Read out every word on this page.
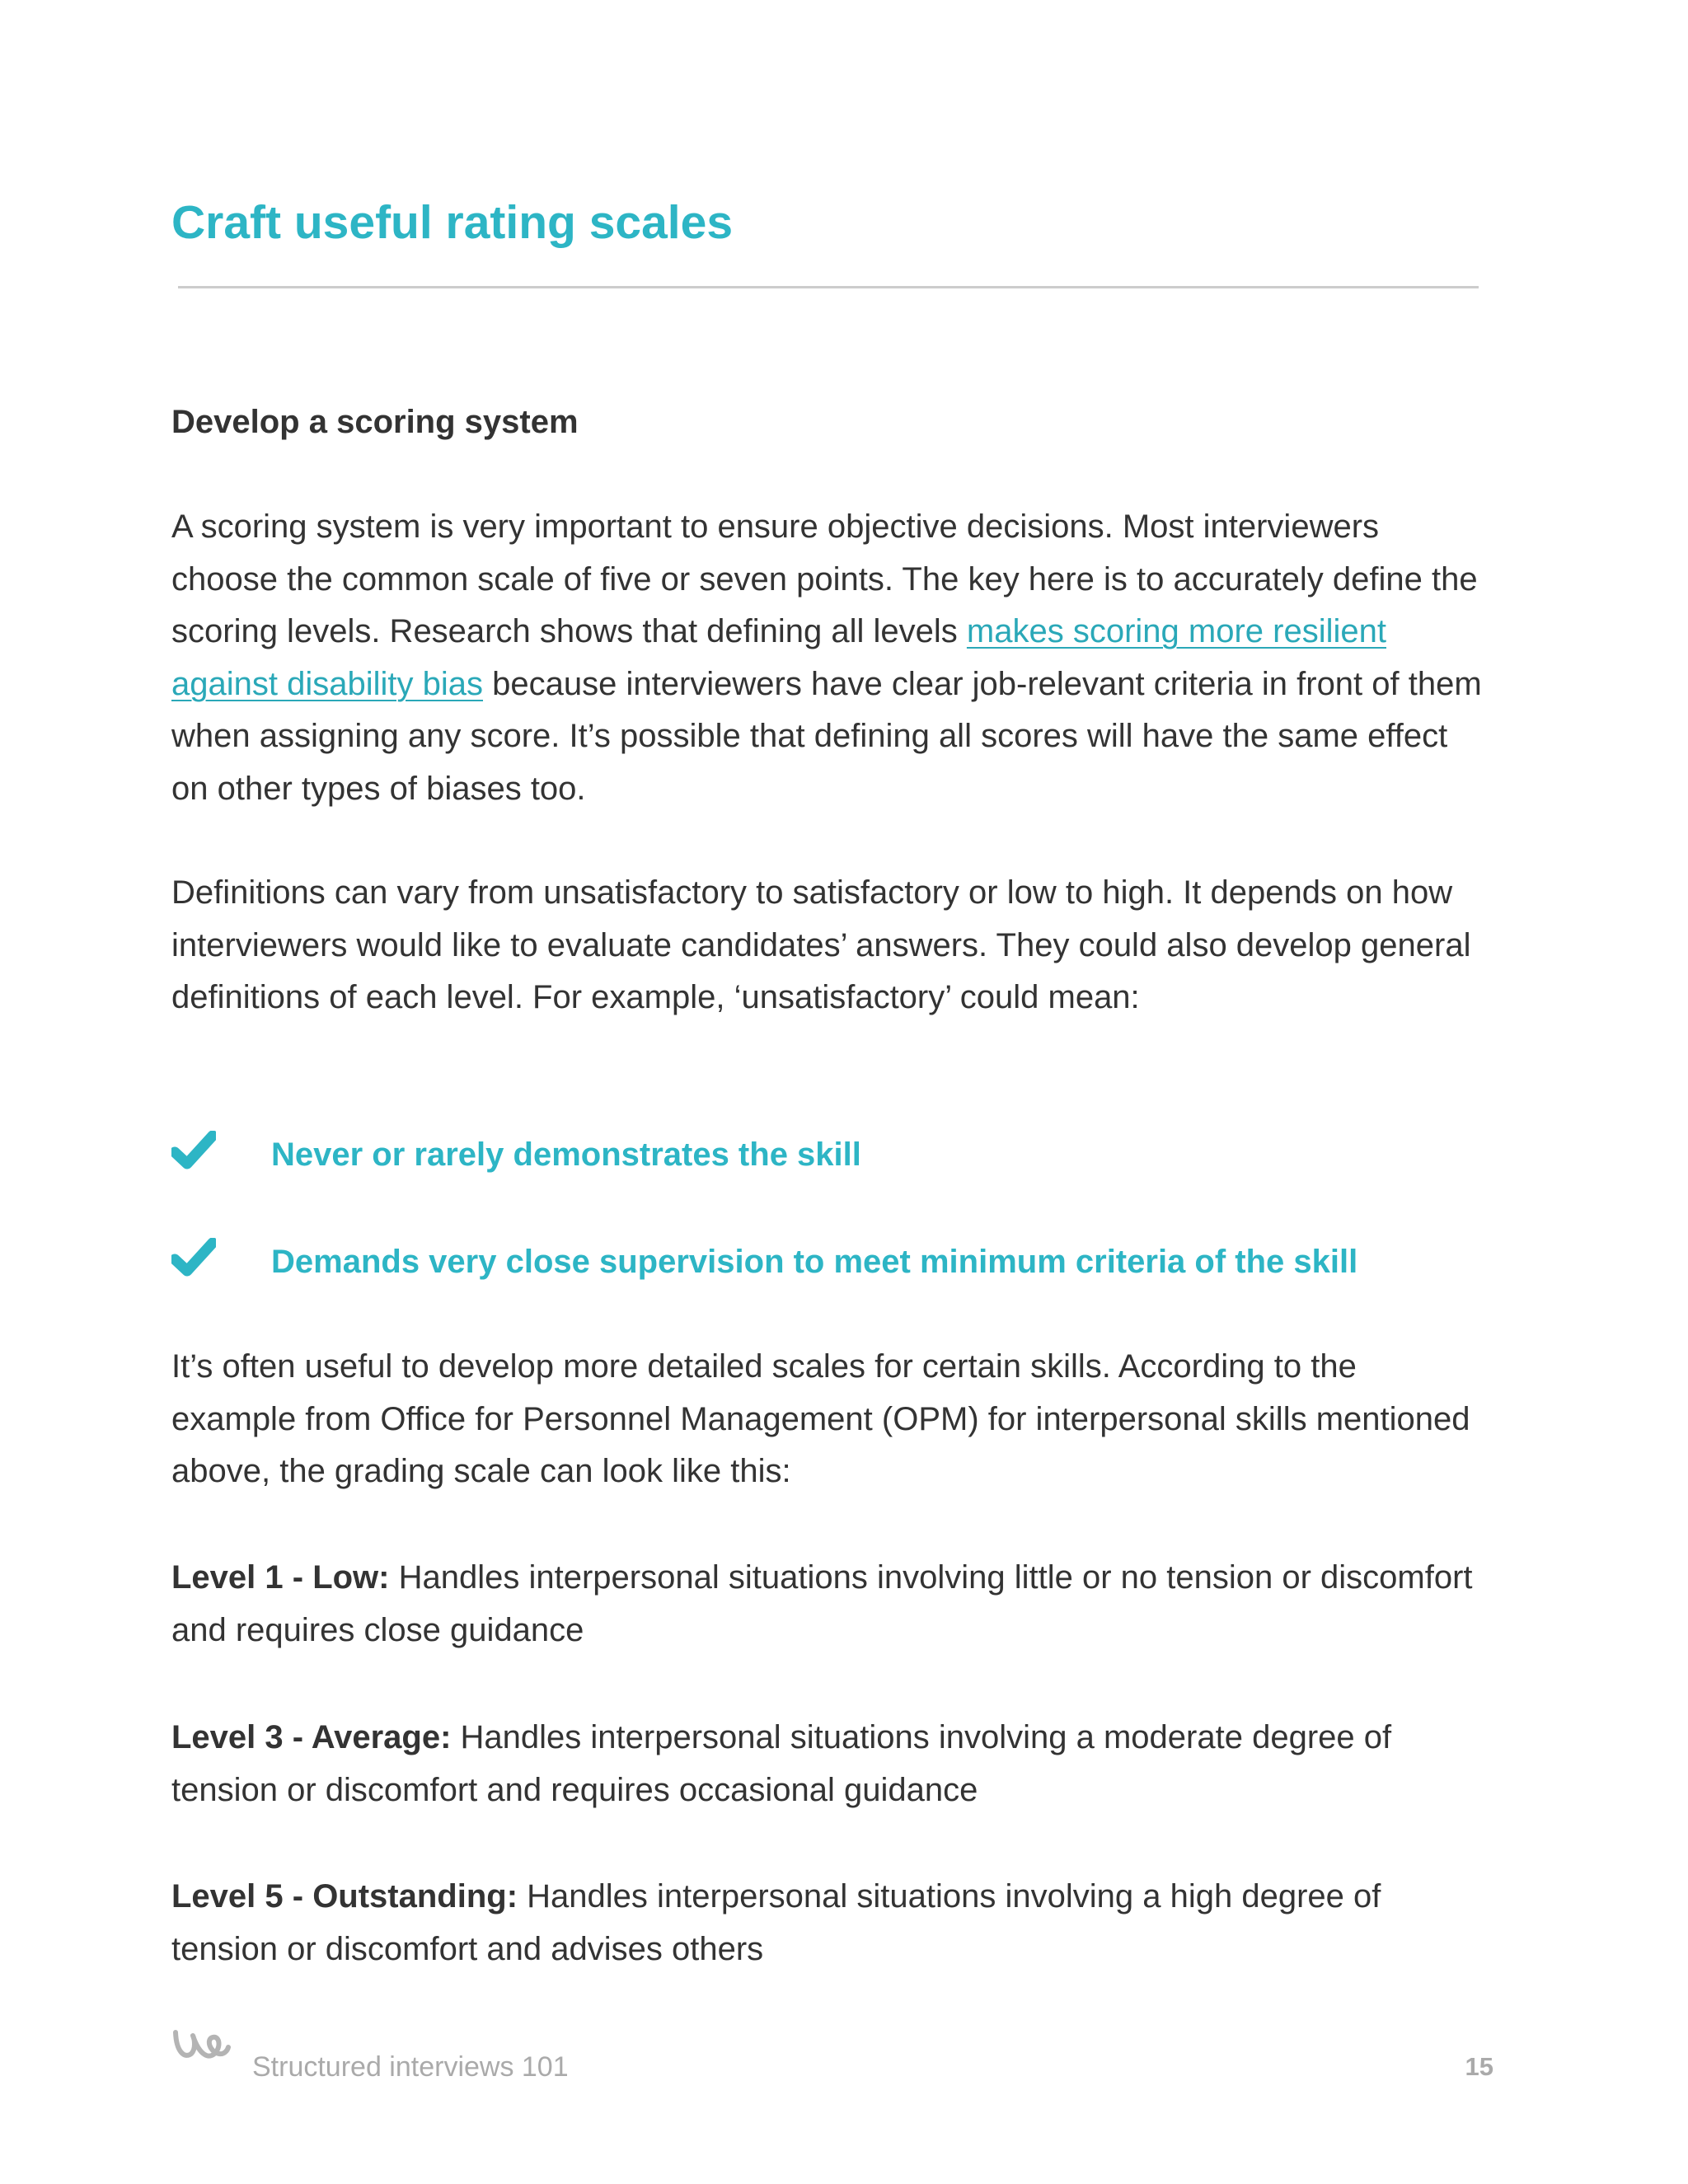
Craft useful rating scales
Develop a scoring system

A scoring system is very important to ensure objective decisions. Most interviewers choose the common scale of five or seven points. The key here is to accurately define the scoring levels. Research shows that defining all levels makes scoring more resilient against disability bias because interviewers have clear job-relevant criteria in front of them when assigning any score. It’s possible that defining all scores will have the same effect on other types of biases too.

Definitions can vary from unsatisfactory to satisfactory or low to high. It depends on how interviewers would like to evaluate candidates’ answers. They could also develop general definitions of each level. For example, ‘unsatisfactory’ could mean:

Never or rarely demonstrates the skill
Demands very close supervision to meet minimum criteria of the skill

It’s often useful to develop more detailed scales for certain skills. According to the example from Office for Personnel Management (OPM) for interpersonal skills mentioned above, the grading scale can look like this:

Level 1 - Low: Handles interpersonal situations involving little or no tension or discomfort and requires close guidance

Level 3 - Average: Handles interpersonal situations involving a moderate degree of tension or discomfort and requires occasional guidance

Level 5 - Outstanding: Handles interpersonal situations involving a high degree of tension or discomfort and advises others

Structured interviews 101	15
